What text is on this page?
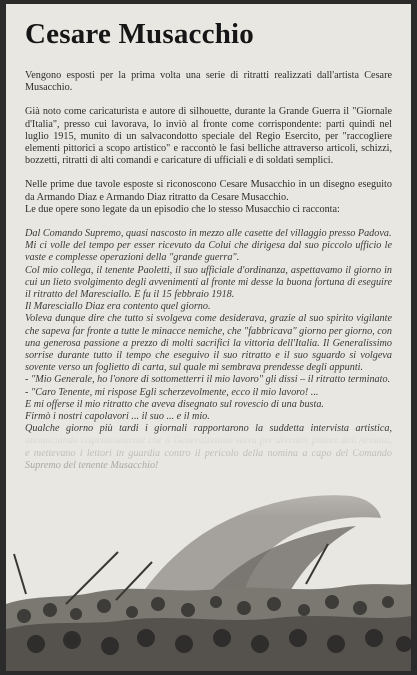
Cesare Musacchio

Vengono esposti per la prima volta una serie di ritratti realizzati dall'artista Cesare Musacchio.

Già noto come caricaturista e autore di silhouette, durante la Grande Guerra il "Giornale d'Italia", presso cui lavorava, lo inviò al fronte come corrispondente: parti quindi nel luglio 1915, munito di un salvacondotto speciale del Regio Esercito, per "raccogliere elementi pittorici a scopo artistico" e raccontò le fasi belliche attraverso articoli, schizzi, bozzetti, ritratti di alti comandi e caricature di ufficiali e di soldati semplici.

Nelle prime due tavole esposte si riconoscono Cesare Musacchio in un disegno eseguito da Armando Diaz e Armando Diaz ritratto da Cesare Musacchio.

Le due opere sono legate da un episodio che lo stesso Musacchio ci racconta:

Dal Comando Supremo, quasi nascosto in mezzo alle casette del villaggio presso Padova.
Mi ci volle del tempo per esser ricevuto da Colui che dirigesa dal suo piccolo ufficio le vaste e complesse operazioni della "grande guerra".
Col mio collega, il tenente Paoletti, il suo ufficiale d'ordinanza, aspettavamo il giorno in cui un lieto svolgimento degli avvenimenti al fronte mi desse la buona fortuna di eseguire il ritratto del Maresciallo. E fu il 15 febbraio 1918.
Il Maresciallo Diaz era contento quel giorno.
Voleva dunque dire che tutto si svolgeva come desiderava, grazie al suo spirito vigilante che sapeva far fronte a tutte le minacce nemiche, che "fabbricava" giorno per giorno, con una generosa passione a prezzo di molti sacrifici la vittoria dell'Italia. Il Generalissimo sorrise durante tutto il tempo che eseguivo il suo ritratto e il suo sguardo si volgeva sovente verso un foglietto di carta, sul quale mi sembrava prendesse degli appunti.
- "Mio Generale, ho l'onore di sottometterri il mio lavoro" gli dissi – il ritratto terminato.
- "Caro Tenente, mi rispose Egli scherzevolmente, ecco il mio lavoro! ...
E mi offerse il mio ritratto che aveva disegnato sul rovescio di una busta.
Firmò i nostri capolavori ... il suo ... e il mio.
Qualche giorno più tardi i giornali rapportarono la suddetta intervista artistica,
